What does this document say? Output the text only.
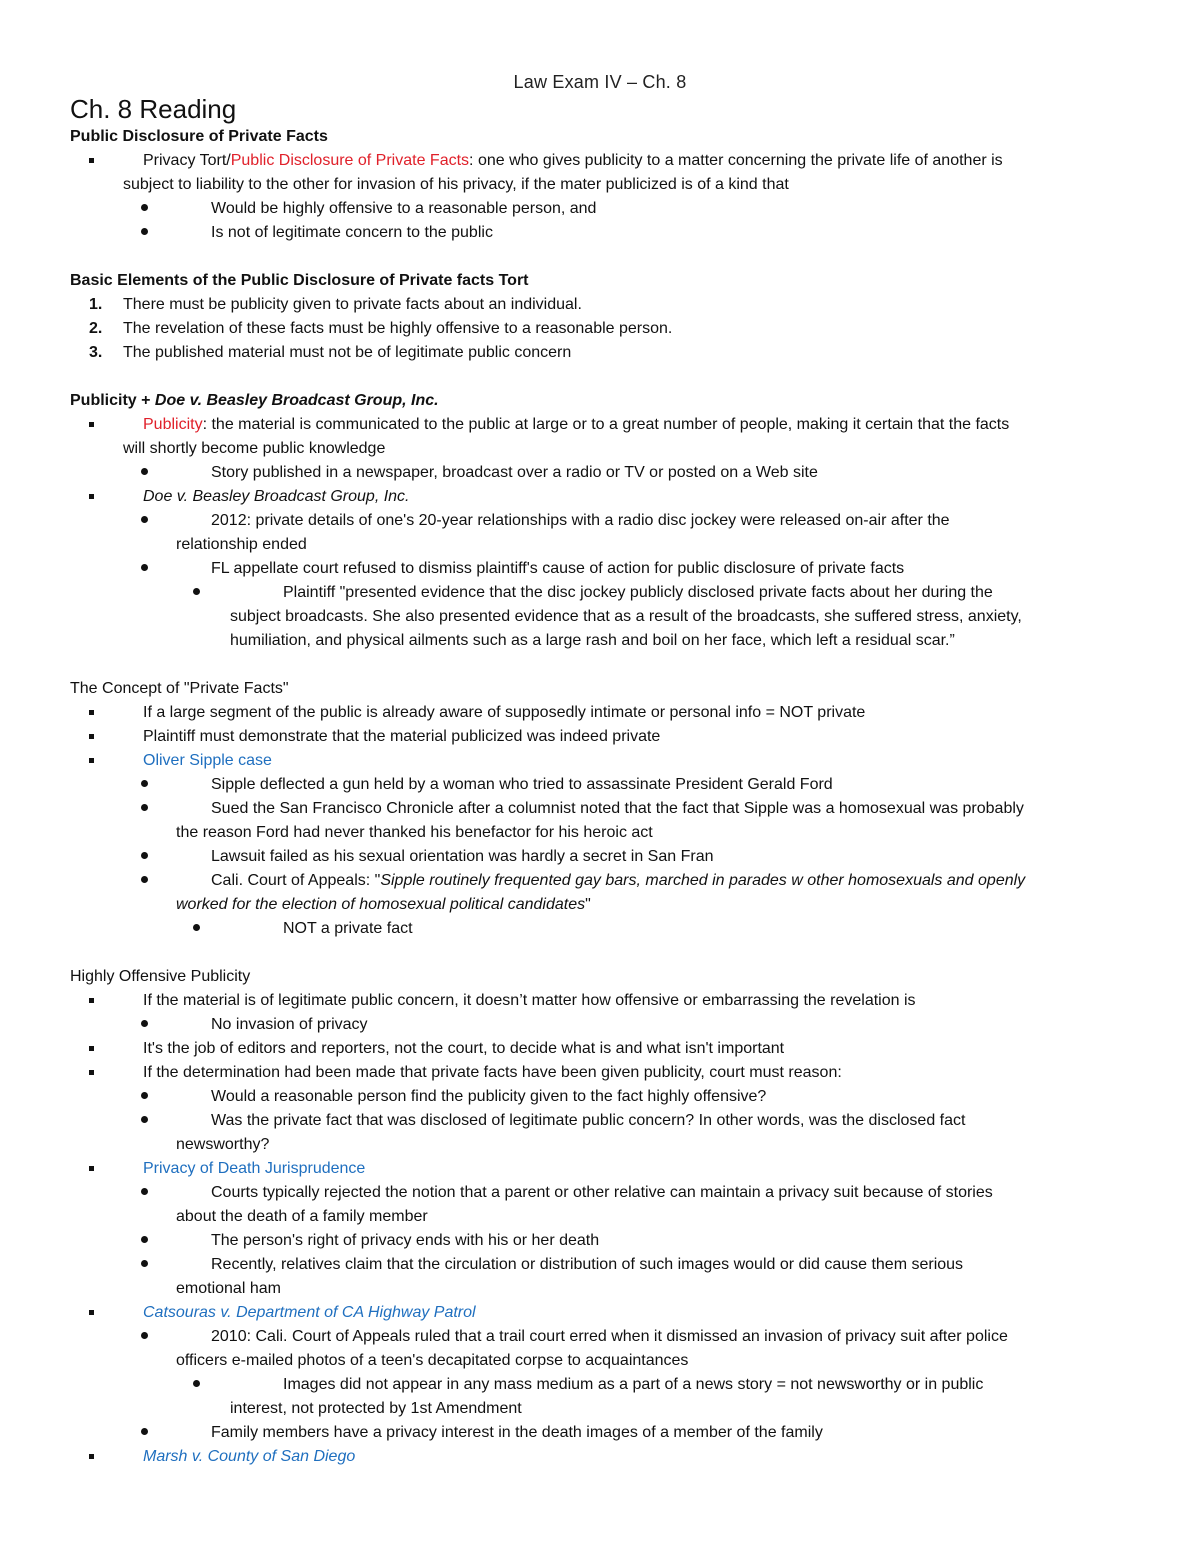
Law Exam IV – Ch. 8
Ch. 8 Reading
Public Disclosure of Private Facts
Privacy Tort/Public Disclosure of Private Facts: one who gives publicity to a matter concerning the private life of another is
subject to liability to the other for invasion of his privacy, if the mater publicized is of a kind that
Would be highly offensive to a reasonable person, and
Is not of legitimate concern to the public
Basic Elements of the Public Disclosure of Private facts Tort
1. There must be publicity given to private facts about an individual.
2. The revelation of these facts must be highly offensive to a reasonable person.
3. The published material must not be of legitimate public concern
Publicity + Doe v. Beasley Broadcast Group, Inc.
Publicity: the material is communicated to the public at large or to a great number of people, making it certain that the facts
will shortly become public knowledge
Story published in a newspaper, broadcast over a radio or TV or posted on a Web site
Doe v. Beasley Broadcast Group, Inc.
2012: private details of one's 20-year relationships with a radio disc jockey were released on-air after the
relationship ended
FL appellate court refused to dismiss plaintiff's cause of action for public disclosure of private facts
Plaintiff "presented evidence that the disc jockey publicly disclosed private facts about her during the
subject broadcasts. She also presented evidence that as a result of the broadcasts, she suffered stress, anxiety,
humiliation, and physical ailments such as a large rash and boil on her face, which left a residual scar.”
The Concept of "Private Facts"
If a large segment of the public is already aware of supposedly intimate or personal info = NOT private
Plaintiff must demonstrate that the material publicized was indeed private
Oliver Sipple case
Sipple deflected a gun held by a woman who tried to assassinate President Gerald Ford
Sued the San Francisco Chronicle after a columnist noted that the fact that Sipple was a homosexual was probably
the reason Ford had never thanked his benefactor for his heroic act
Lawsuit failed as his sexual orientation was hardly a secret in San Fran
Cali. Court of Appeals: "Sipple routinely frequented gay bars, marched in parades w other homosexuals and openly
worked for the election of homosexual political candidates"
NOT a private fact
Highly Offensive Publicity
If the material is of legitimate public concern, it doesn’t matter how offensive or embarrassing the revelation is
No invasion of privacy
It's the job of editors and reporters, not the court, to decide what is and what isn't important
If the determination had been made that private facts have been given publicity, court must reason:
Would a reasonable person find the publicity given to the fact highly offensive?
Was the private fact that was disclosed of legitimate public concern? In other words, was the disclosed fact
newsworthy?
Privacy of Death Jurisprudence
Courts typically rejected the notion that a parent or other relative can maintain a privacy suit because of stories
about the death of a family member
The person's right of privacy ends with his or her death
Recently, relatives claim that the circulation or distribution of such images would or did cause them serious
emotional ham
Catsouras v. Department of CA Highway Patrol
2010: Cali. Court of Appeals ruled that a trail court erred when it dismissed an invasion of privacy suit after police
officers e-mailed photos of a teen's decapitated corpse to acquaintances
Images did not appear in any mass medium as a part of a news story = not newsworthy or in public
interest, not protected by 1st Amendment
Family members have a privacy interest in the death images of a member of the family
Marsh v. County of San Diego
